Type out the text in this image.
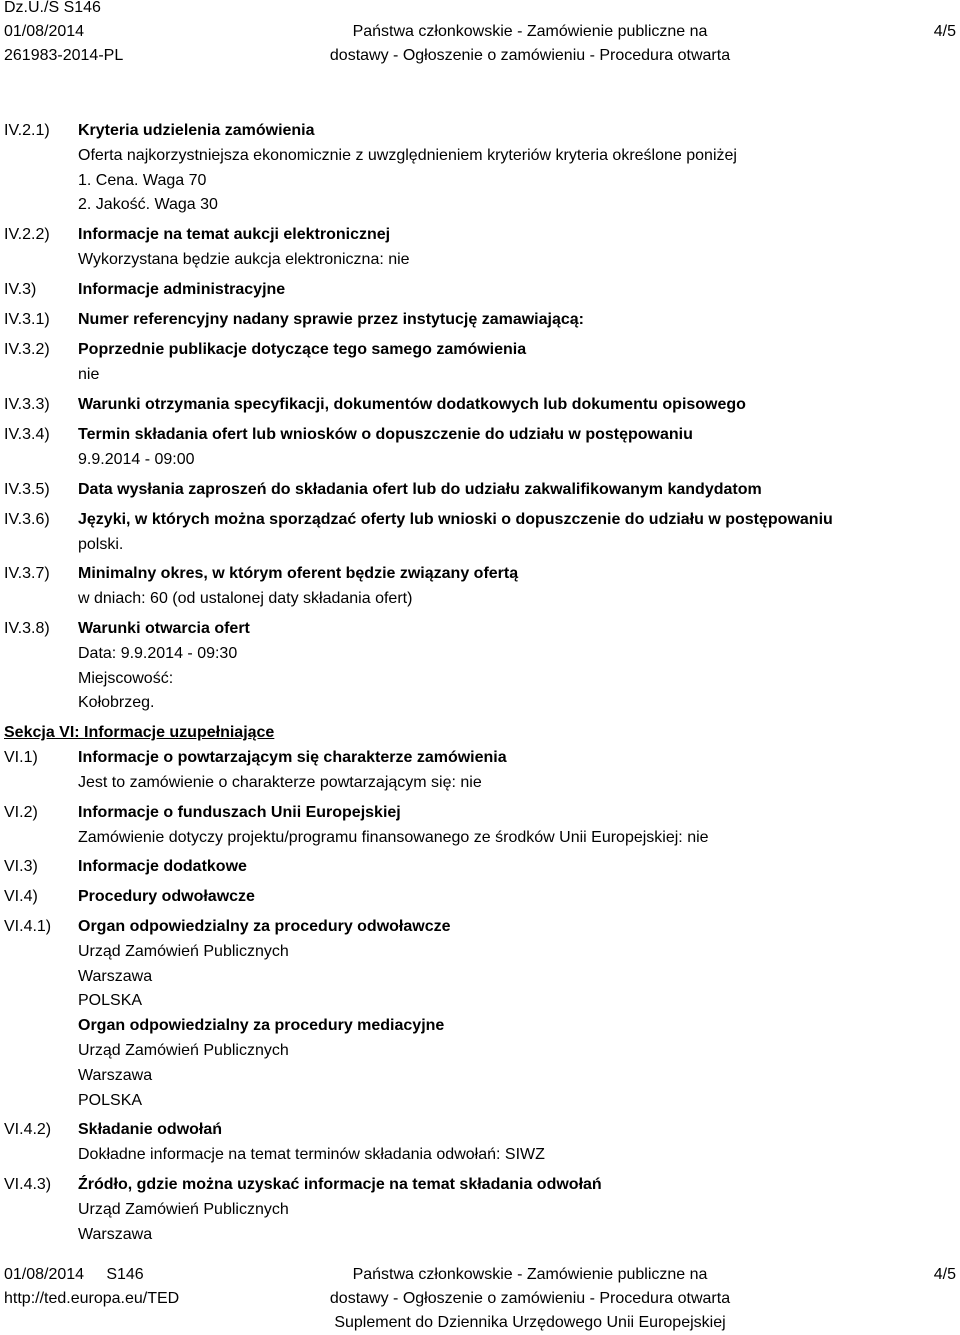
Dz.U./S S146
01/08/2014
261983-2014-PL
Państwa członkowskie - Zamówienie publiczne na
dostawy - Ogłoszenie o zamówieniu - Procedura otwarta
4/5
IV.2.1) Kryteria udzielenia zamówienia
Oferta najkorzystniejsza ekonomicznie z uwzględnieniem kryteriów kryteria określone poniżej
1. Cena. Waga 70
2. Jakość. Waga 30
IV.2.2) Informacje na temat aukcji elektronicznej
Wykorzystana będzie aukcja elektroniczna: nie
IV.3)	Informacje administracyjne
IV.3.1) Numer referencyjny nadany sprawie przez instytucję zamawiającą:
IV.3.2) Poprzednie publikacje dotyczące tego samego zamówienia
nie
IV.3.3) Warunki otrzymania specyfikacji, dokumentów dodatkowych lub dokumentu opisowego
IV.3.4) Termin składania ofert lub wniosków o dopuszczenie do udziału w postępowaniu
9.9.2014 - 09:00
IV.3.5) Data wysłania zaproszeń do składania ofert lub do udziału zakwalifikowanym kandydatom
IV.3.6) Języki, w których można sporządzać oferty lub wnioski o dopuszczenie do udziału w postępowaniu
polski.
IV.3.7) Minimalny okres, w którym oferent będzie związany ofertą
w dniach: 60 (od ustalonej daty składania ofert)
IV.3.8) Warunki otwarcia ofert
Data: 9.9.2014 - 09:30
Miejscowość:
Kołobrzeg.
VI.1)	Informacje o powtarzającym się charakterze zamówienia
Jest to zamówienie o charakterze powtarzającym się: nie
VI.2)	Informacje o funduszach Unii Europejskiej
Zamówienie dotyczy projektu/programu finansowanego ze środków Unii Europejskiej: nie
VI.3)	Informacje dodatkowe
VI.4)	Procedury odwoławcze
VI.4.1) Organ odpowiedzialny za procedury odwoławcze
Urząd Zamówień Publicznych
Warszawa
POLSKA
Organ odpowiedzialny za procedury mediacyjne
Urząd Zamówień Publicznych
Warszawa
POLSKA
VI.4.2) Składanie odwołań
Dokładne informacje na temat terminów składania odwołań: SIWZ
VI.4.3) Źródło, gdzie można uzyskać informacje na temat składania odwołań
Urząd Zamówień Publicznych
Warszawa
Sekcja VI: Informacje uzupełniające
01/08/2014 S146
http://ted.europa.eu/TED
Państwa członkowskie - Zamówienie publiczne na
dostawy - Ogłoszenie o zamówieniu - Procedura otwarta
Suplement do Dziennika Urzędowego Unii Europejskiej
4/5
